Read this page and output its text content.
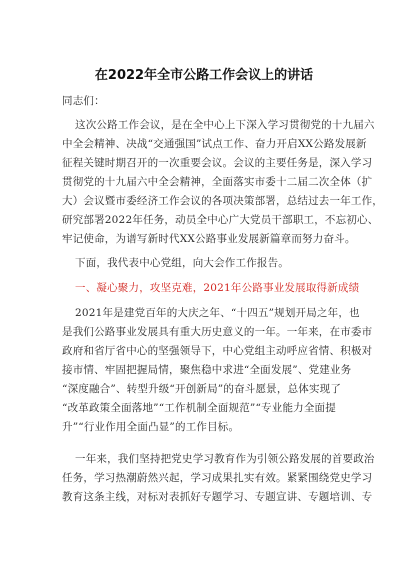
在2022年全市公路工作会议上的讲话
同志们：
这次公路工作会议，是在全中心上下深入学习贯彻党的十九届六
中全会精神、决战“交通强国”试点工作、奋力开启XX公路发展新
征程关键时期召开的一次重要会议。会议的主要任务是，深入学习
贯彻党的十九届六中全会精神，全面落实市委十二届二次全体（扩
大）会议暨市委经济工作会议的各项决策部署，总结过去一年工作，
研究部署2022年任务，动员全中心广大党员干部职工，不忘初心、
牢记使命，为谱写新时代XX公路事业发展新篇章而努力奋斗。
下面，我代表中心党组，向大会作工作报告。
一、凝心聚力，攻坚克难，2021年公路事业发展取得新成绩
2021年是建党百年的大庆之年、“十四五”规划开局之年，也
是我们公路事业发展具有重大历史意义的一年。一年来，在市委市
政府和省厅省中心的坚强领导下，中心党组主动呼应省情、积极对
接市情、牢固把握局情，聚焦稳中求进“全面发展”、党建业务
“深度融合”、转型升级“开创新局”的奋斗愿景，总体实现了
“改革政策全面落地”“工作机制全面规范”“专业能力全面提
升”“行业作用全面凸显”的工作目标。
一年来，我们坚持把党史学习教育作为引领公路发展的首要政治
任务，学习热潮蔚然兴起，学习成果扎实有效。紧紧围绕党史学习
教育这条主线，对标对表抓好专题学习、专题宣讲、专题培训、专
